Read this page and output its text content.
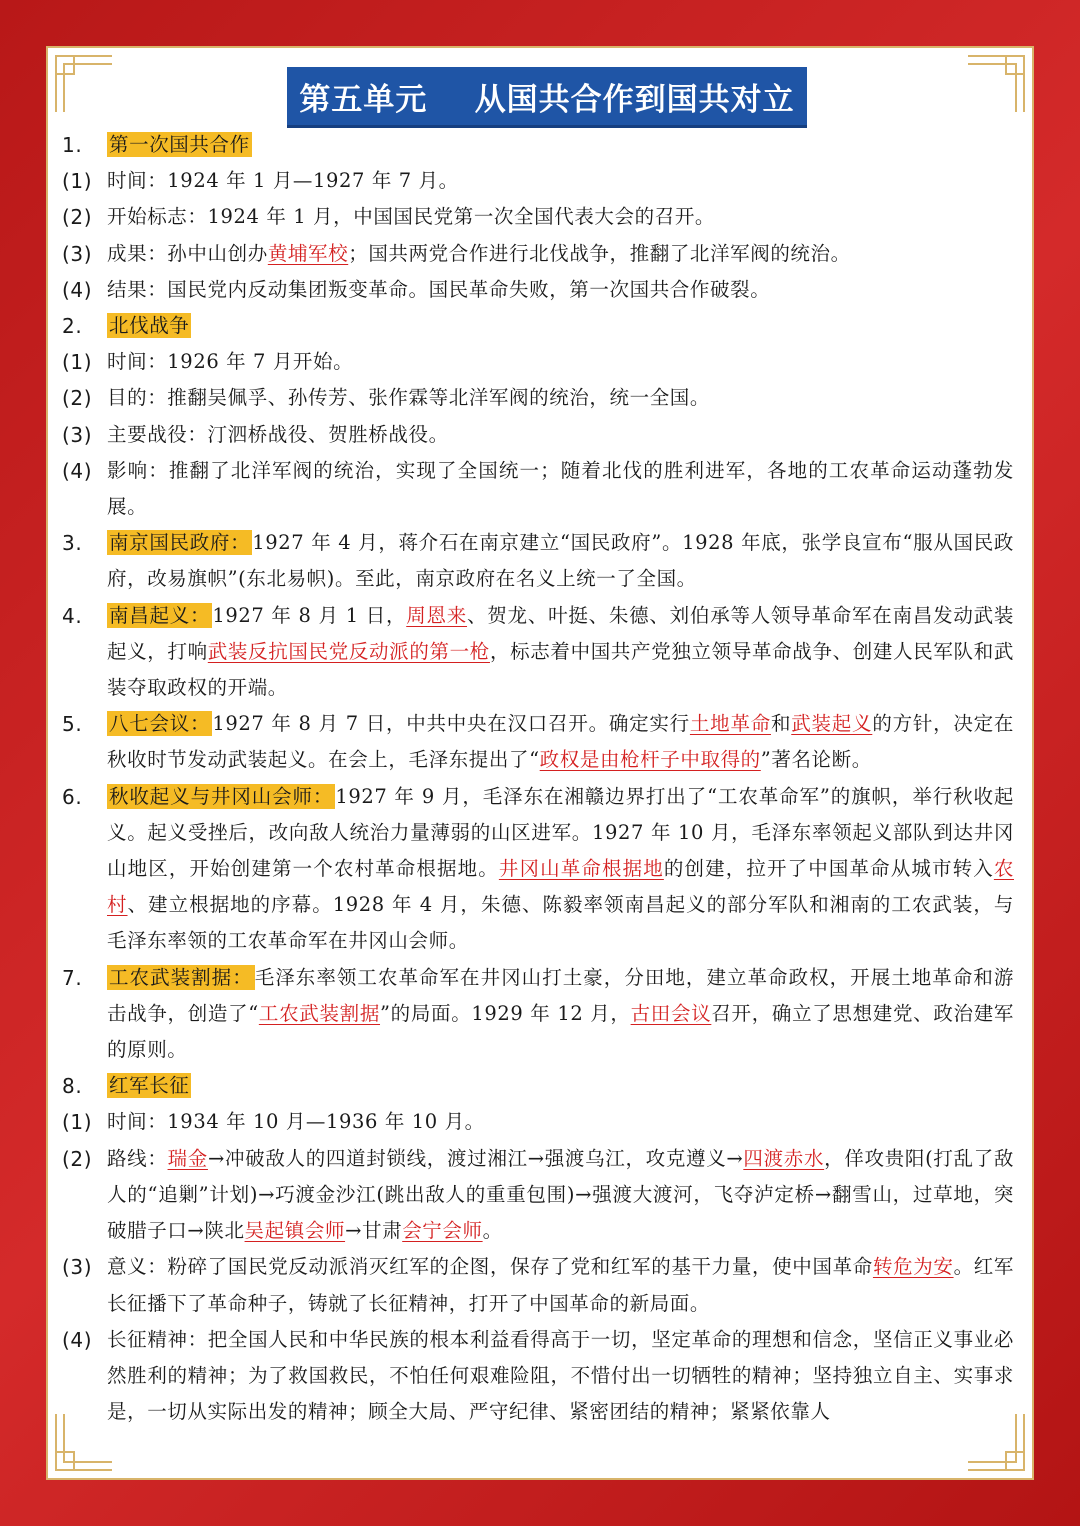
第五单元    从国共合作到国共对立
1.	第一次国共合作
(1) 时间：1924 年 1 月—1927 年 7 月。
(2) 开始标志：1924 年 1 月，中国国民党第一次全国代表大会的召开。
(3) 成果：孙中山创办黄埔军校；国共两党合作进行北伐战争，推翻了北洋军阀的统治。
(4) 结果：国民党内反动集团叛变革命。国民革命失败，第一次国共合作破裂。
2.	北伐战争
(1) 时间：1926 年 7 月开始。
(2) 目的：推翻吴佩孚、孙传芳、张作霖等北洋军阀的统治，统一全国。
(3) 主要战役：汀泗桥战役、贺胜桥战役。
(4) 影响：推翻了北洋军阀的统治，实现了全国统一；随着北伐的胜利进军，各地的工农革命运动蓬勃发展。
3.	南京国民政府： 1927 年 4 月，蒋介石在南京建立“国民政府”。1928 年底，张学良宣布“服从国民政府，改易旗帜”(东北易帜)。至此，南京政府在名义上统一了全国。
4.	南昌起义： 1927 年 8 月 1 日，周恩来、贺龙、叶挺、朱德、刘伯承等人领导革命军在南昌发动武装起义，打响武装反抗国民党反动派的第一枪，标志着中国共产党独立领导革命战争、创建人民军队和武装夺取政权的开端。
5.	八七会议： 1927 年 8 月 7 日，中共中央在汉口召开。确定实行土地革命和武装起义的方针，决定在秋收时节发动武装起义。在会上，毛泽东提出了“政权是由枪杆子中取得的”著名论断。
6.	秋收起义与井冈山会师： 1927 年 9 月，毛泽东在湘赣边界打出了“工农革命军”的旗帜，举行秋收起义。起义受挫后，改向敌人统治力量薄弱的山区进军。1927 年 10 月，毛泽东率领起义部队到达井冈山地区，开始创建第一个农村革命根据地。井冈山革命根据地的创建，拉开了中国革命从城市转入农村、建立根据地的序幕。1928 年 4 月，朱德、陈毅率领南昌起义的部分军队和湘南的工农武装，与毛泽东率领的工农革命军在井冈山会师。
7.	工农武装割据： 毛泽东率领工农革命军在井冈山打土豪，分田地，建立革命政权，开展土地革命和游击战争，创造了“工农武装割据”的局面。1929 年 12 月，古田会议召开，确立了思想建党、政治建军的原则。
8.	红军长征
(1) 时间：1934 年 10 月—1936 年 10 月。
(2) 路线：瑞金→冲破敌人的四道封锁线，渡过湘江→强渡乌江，攻克遵义→四渡赤水，佯攻贵阳(打乱了敌人的“追剿”计划)→巧渡金沙江(跳出敌人的重重包围)→强渡大渡河，飞夺泸定桥→翻雪山，过草地，突破腊子口→陕北吴起镇会师→甘肃会宁会师。
(3) 意义：粉碎了国民党反动派消灭红军的企图，保存了党和红军的基干力量，使中国革命转危为安。红军长征播下了革命种子，铸就了长征精神，打开了中国革命的新局面。
(4) 长征精神：把全国人民和中华民族的根本利益看得高于一切，坚定革命的理想和信念，坚信正义事业必然胜利的精神；为了救国救民，不怕任何艰难险阻，不惜付出一切牺牲的精神；坚持独立自主、实事求是，一切从实际出发的精神；顾全大局、严守纪律、紧密团结的精神；紧紧依靠人
